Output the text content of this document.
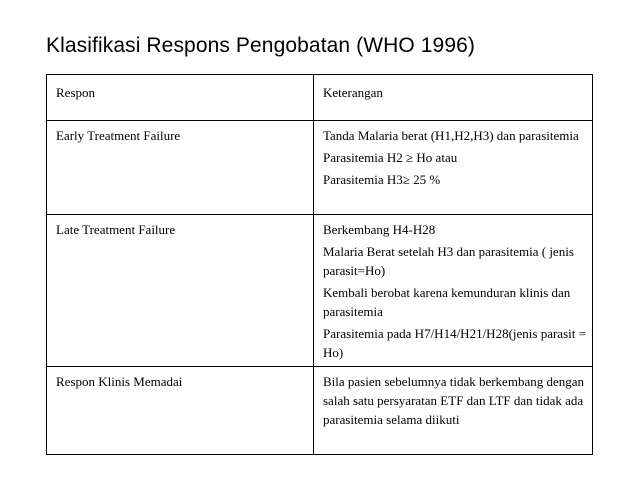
Klasifikasi Respons Pengobatan (WHO 1996)
Respon	Keterangan
Early Treatment Failure	Tanda Malaria berat (H1,H2,H3) dan parasitemia
Parasitemia H2 ≥ Ho atau
Parasitemia H3≥ 25 %

Late Treatment Failure	Berkembang H4-H28
Malaria Berat setelah H3 dan parasitemia ( jenis parasit=Ho)
Kembali berobat karena kemunduran klinis dan parasitemia
Parasitemia pada H7/H14/H21/H28(jenis parasit = Ho)

Respon Klinis Memadai	Bila pasien sebelumnya tidak berkembang dengan salah satu persyaratan ETF dan LTF dan tidak ada parasitemia selama diikuti
